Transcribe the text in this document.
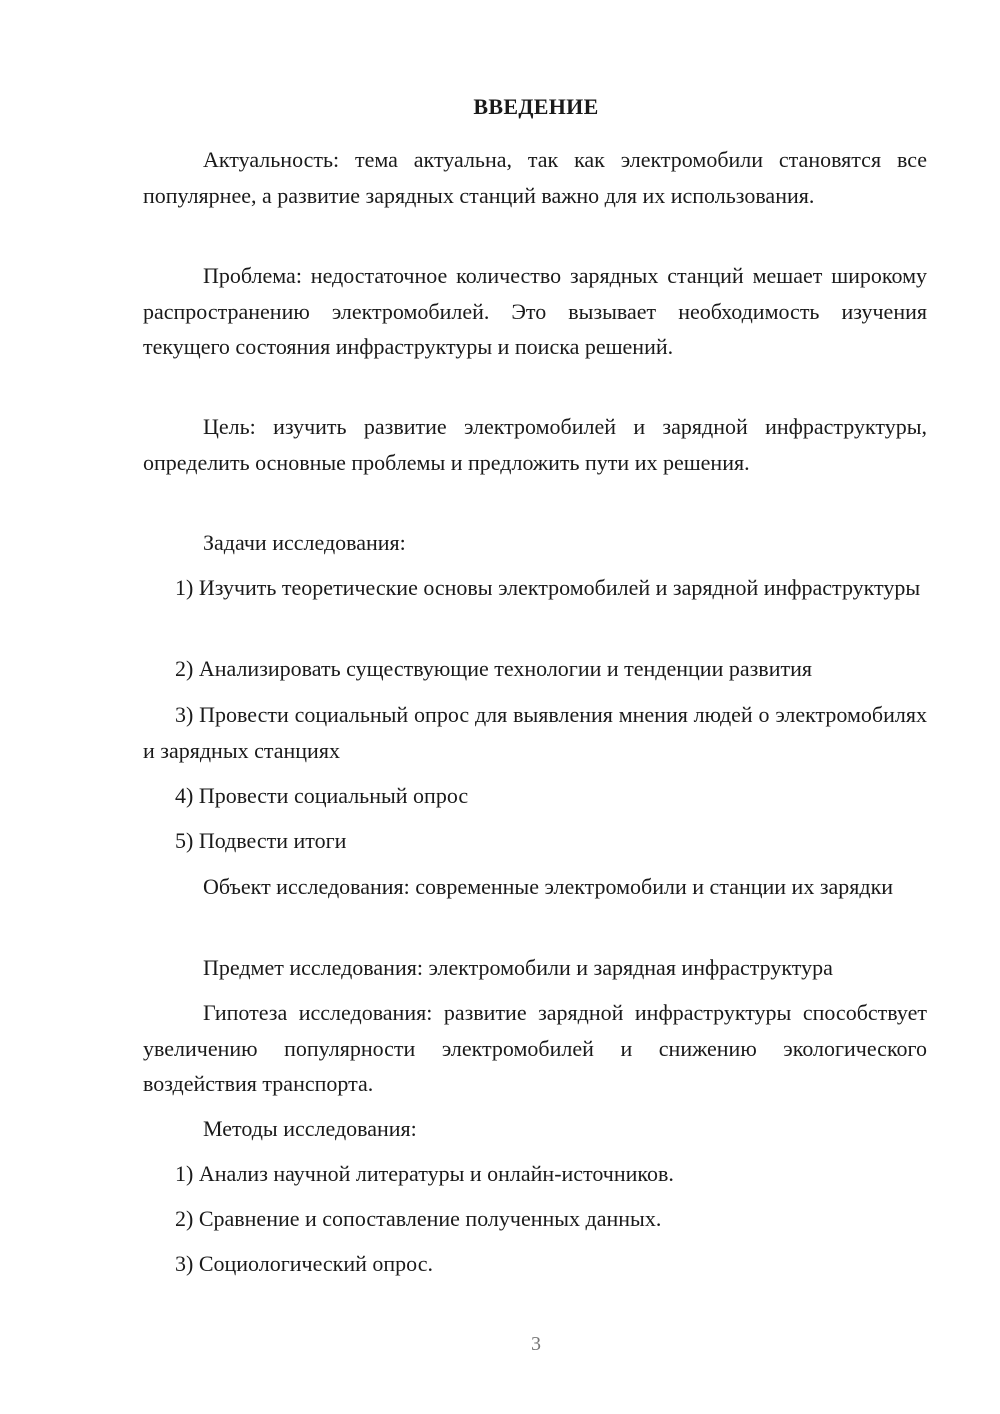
ВВЕДЕНИЕ

Актуальность: тема актуальна, так как электромобили становятся все популярнее, а развитие зарядных станций важно для их использования.

Проблема: недостаточное количество зарядных станций мешает широкому распространению электромобилей. Это вызывает необходимость изучения текущего состояния инфраструктуры и поиска решений.

Цель: изучить развитие электромобилей и зарядной инфраструктуры, определить основные проблемы и предложить пути их решения.

Задачи исследования:

1) Изучить теоретические основы электромобилей и зарядной инфраструктуры

2) Анализировать существующие технологии и тенденции развития

3) Провести социальный опрос для выявления мнения людей о электромобилях и зарядных станциях

4) Провести социальный опрос

5) Подвести итоги

Объект исследования: современные электромобили и станции их зарядки

Предмет исследования: электромобили и зарядная инфраструктура

Гипотеза исследования: развитие зарядной инфраструктуры способствует увеличению популярности электромобилей и снижению экологического воздействия транспорта.

Методы исследования:

1) Анализ научной литературы и онлайн-источников.

2) Сравнение и сопоставление полученных данных.

3) Социологический опрос.

3
